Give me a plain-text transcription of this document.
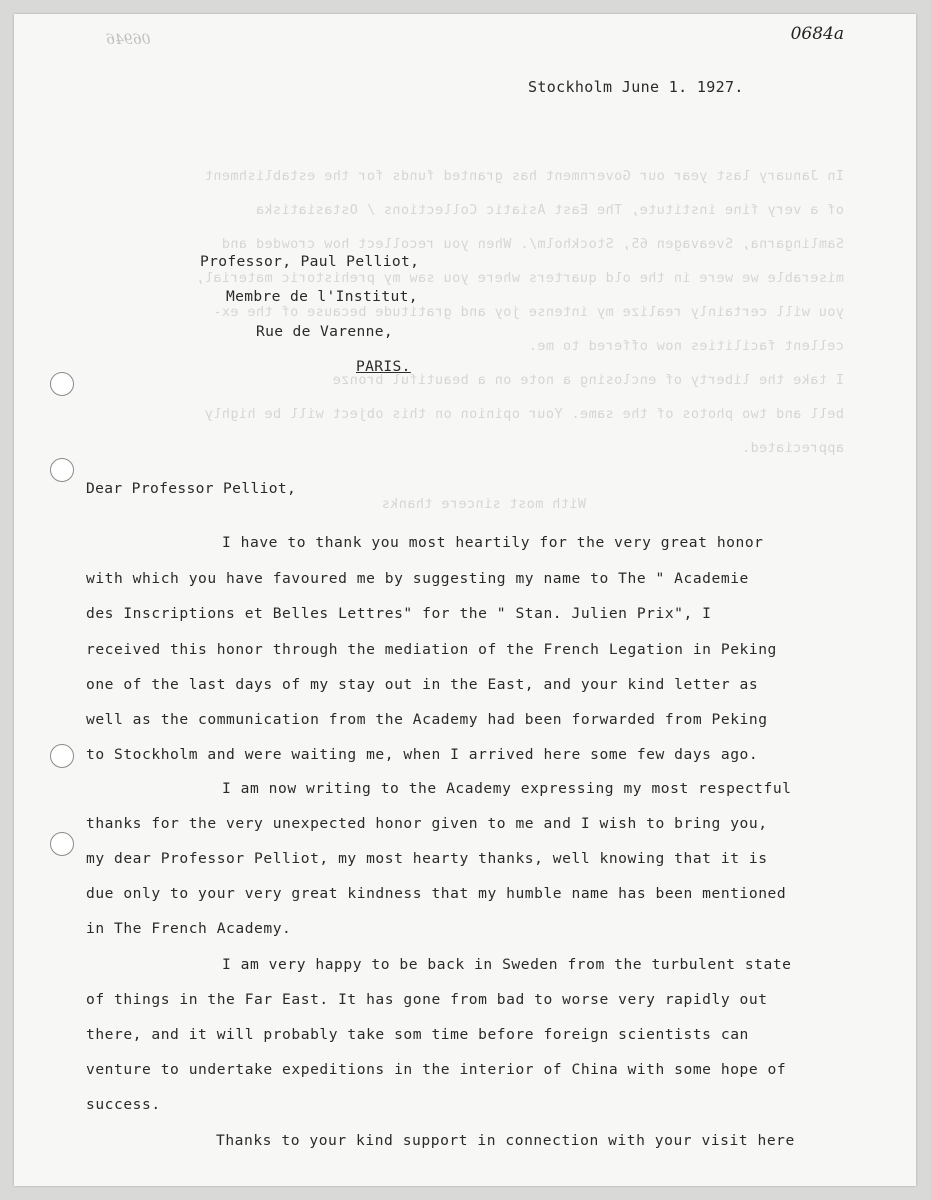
In January last year our Government has granted funds for the establishment
of a very fine institute, The East Asiatic Collections / Ostasiatiska
Samlingarna, Sveavagen 65, Stockholm/. When you recollect how crowded and
miserable we were in the old quarters where you saw my prehistoric material,
you will certainly realize my intense joy and gratitude because of the ex-
cellent facilities now offered to me.
I take the liberty of enclosing a note on a beautiful bronze
bell and two photos of the same. Your opinion on this object will be highly
appreciated.
With most sincere thanks
06946	0684a
Stockholm June 1. 1927.
Professor, Paul Pelliot,
Membre de l'Institut,
Rue de Varenne,
PARIS.
Dear Professor Pelliot,
I have to thank you most heartily for the very great honor
with which you have favoured me by suggesting my name to The " Academie
des Inscriptions et Belles Lettres" for the " Stan. Julien Prix", I
received this honor through the mediation of the French Legation in Peking
one of the last days of my stay out in the East, and your kind letter as
well as the communication from the Academy had been forwarded from Peking
to Stockholm and were waiting me, when I arrived here some few days ago.
I am now writing to the Academy expressing my most respectful
thanks for the very unexpected honor given to me and I wish to bring you,
my dear Professor Pelliot, my most hearty thanks, well knowing that it is
due only to your very great kindness that my humble name has been mentioned
in The French Academy.
I am very happy to be back in Sweden from the turbulent state
of things in the Far East. It has gone from bad to worse very rapidly out
there, and it will probably take som time before foreign scientists can
venture to undertake expeditions in the interior of China with some hope of
success.
Thanks to your kind support in connection with your visit here
